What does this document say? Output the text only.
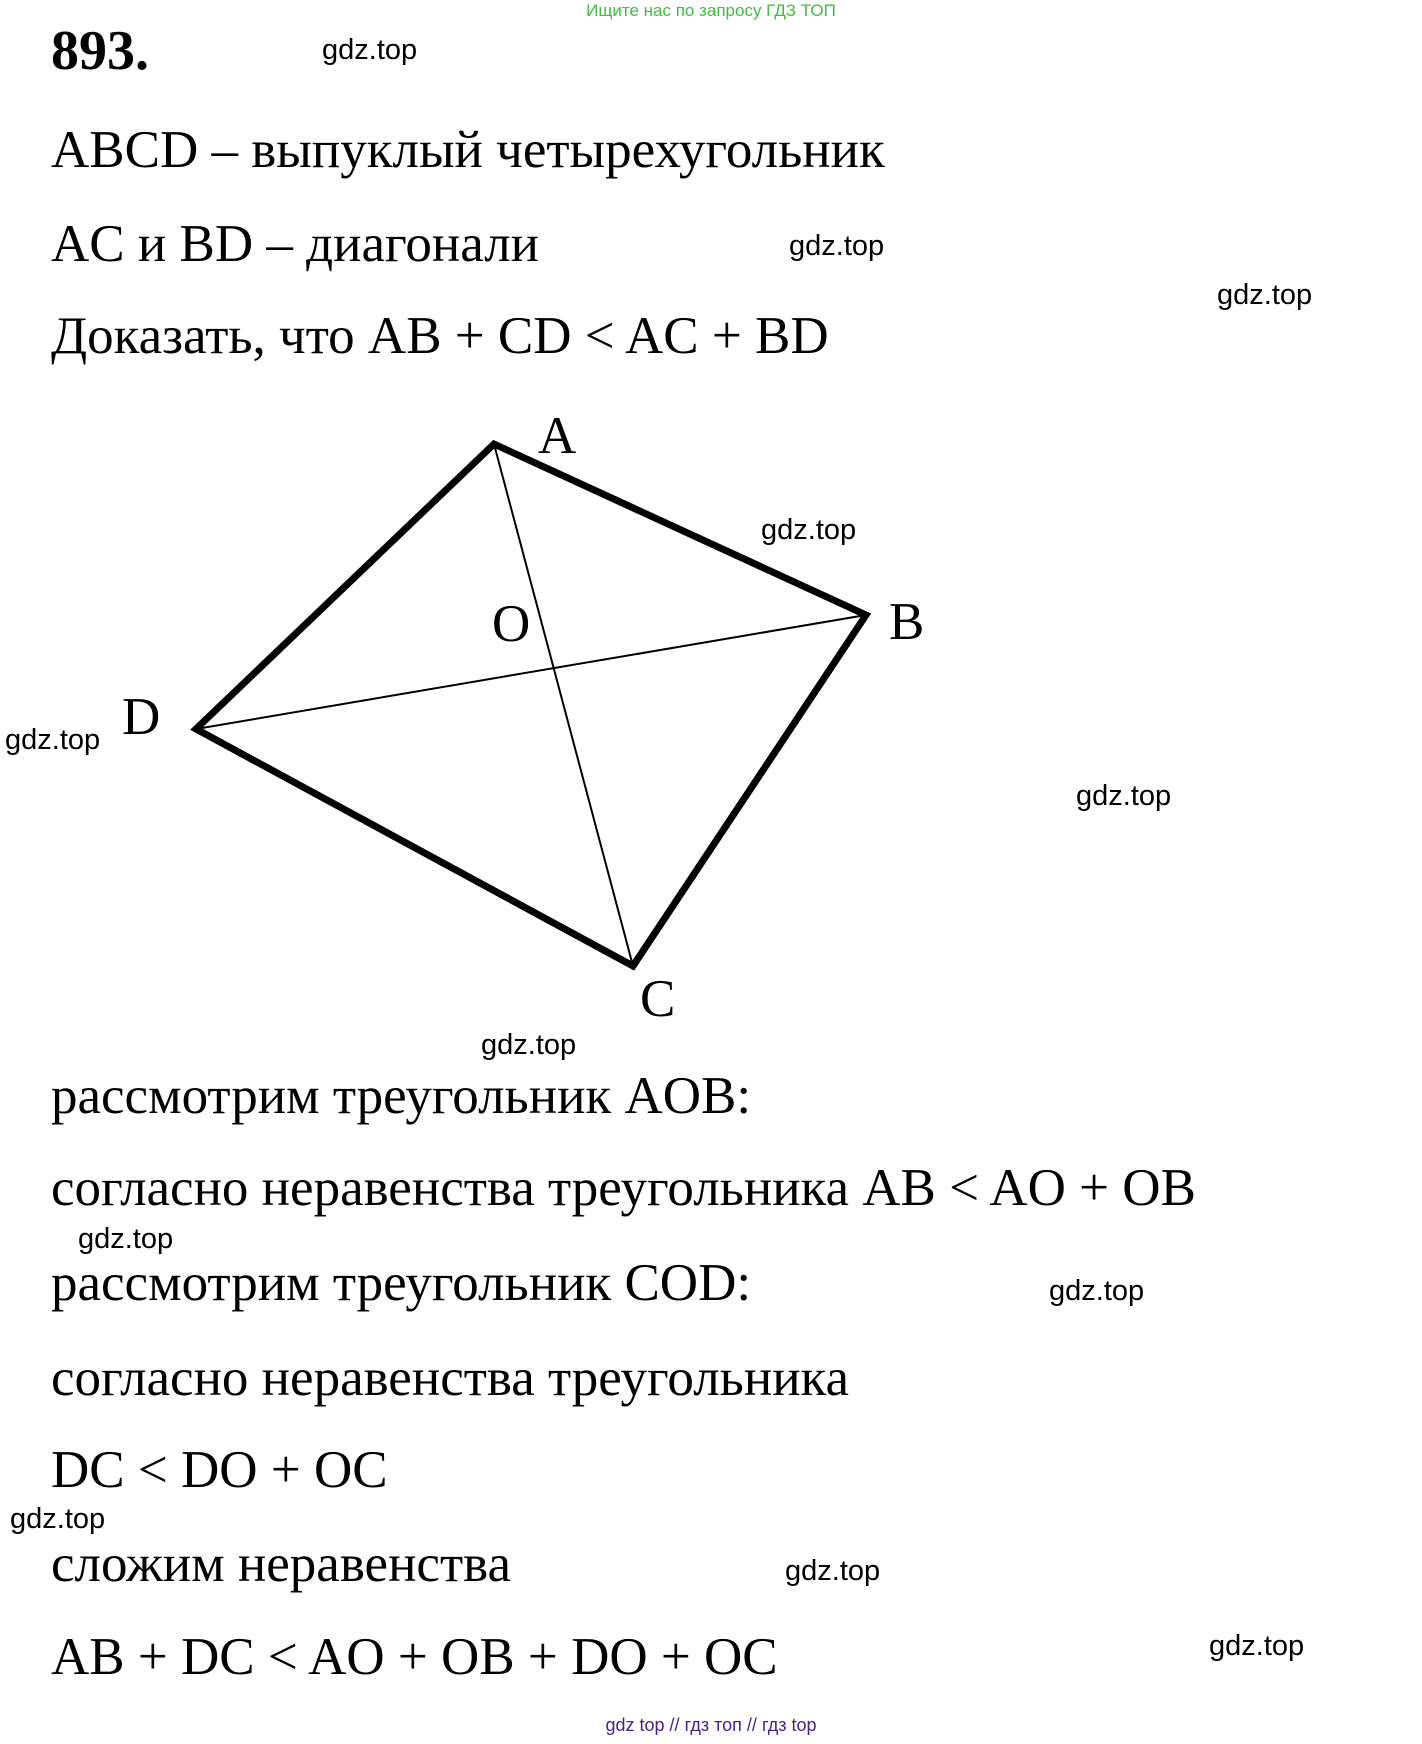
Ищите нас по запросу ГДЗ ТОП
893.
ABCD – выпуклый четырехугольник
AC и BD – диагонали
Доказать, что AB + CD < AC + BD
A
B
C
D
O
рассмотрим треугольник AOB:
согласно неравенства треугольника AB < AO + OB
рассмотрим треугольник COD:
согласно неравенства треугольника
DC < DO + OC
сложим неравенства
AB + DC < AO + OB + DO + OC
gdz.top
gdz.top
gdz.top
gdz.top
gdz.top
gdz.top
gdz.top
gdz.top
gdz.top
gdz.top
gdz.top
gdz.top
gdz top // гдз топ // гдз top
